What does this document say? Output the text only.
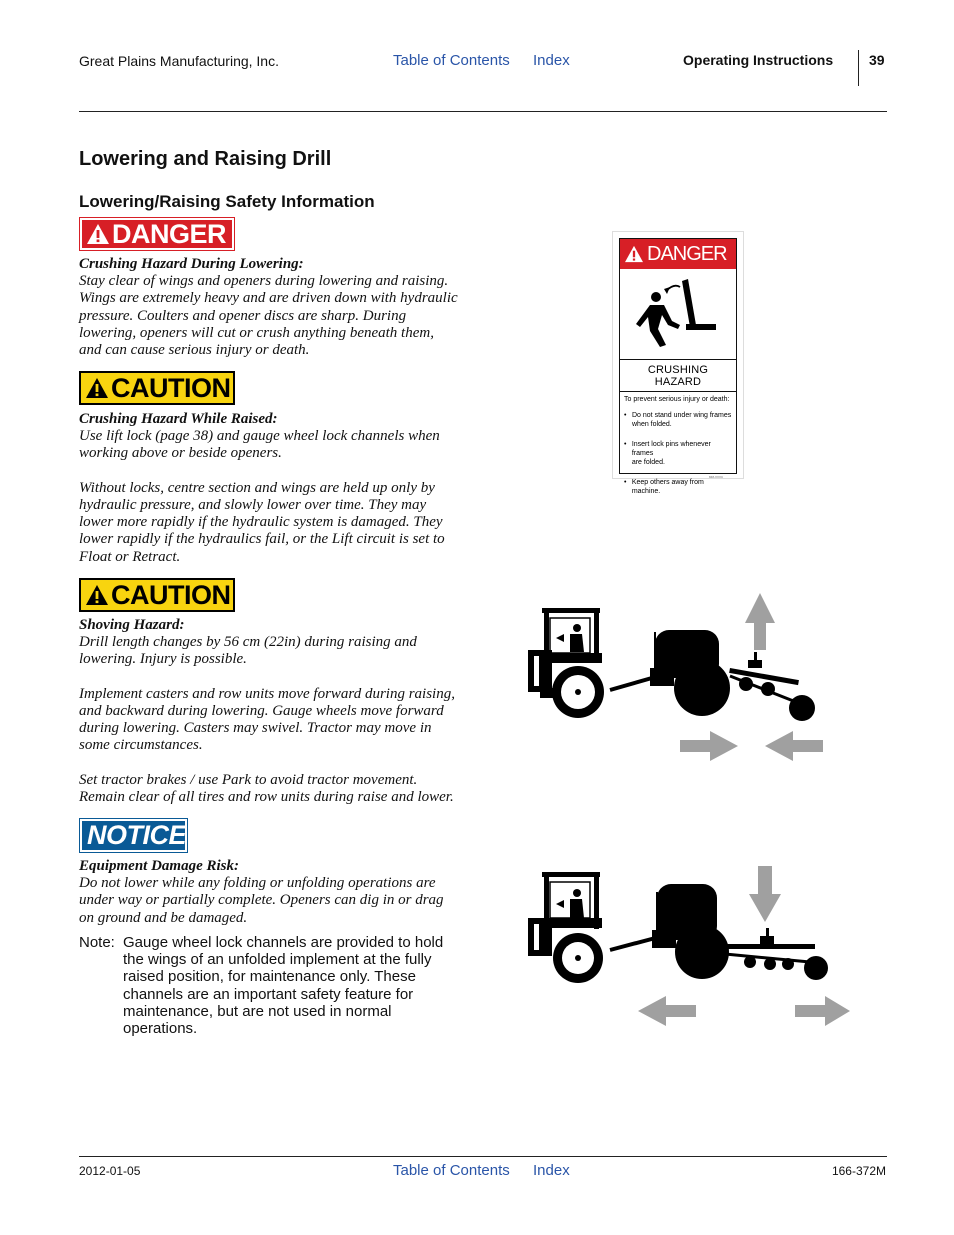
Great Plains Manufacturing, Inc.	Table of Contents Index	Operating Instructions	39
Lowering and Raising Drill
Lowering/Raising Safety Information
DANGER
Crushing Hazard During Lowering:
Stay clear of wings and openers during lowering and raising.
Wings are extremely heavy and are driven down with hydraulic
pressure. Coulters and opener discs are sharp. During
lowering, openers will cut or crush anything beneath them,
and can cause serious injury or death.
CAUTION
Crushing Hazard While Raised:
Use lift lock (page 38) and gauge wheel lock channels when
working above or beside openers.
Without locks, centre section and wings are held up only by
hydraulic pressure, and slowly lower over time. They may
lower more rapidly if the hydraulic system is damaged. They
lower rapidly if the hydraulics fail, or the Lift circuit is set to
Float or Retract.
CAUTION
Shoving Hazard:
Drill length changes by 56 cm (22in) during raising and
lowering. Injury is possible.
Implement casters and row units move forward during raising,
and backward during lowering. Gauge wheels move forward
during lowering. Casters may swivel. Tractor may move in
some circumstances.
Set tractor brakes / use Park to avoid tractor movement.
Remain clear of all tires and row units during raise and lower.
NOTICE
Equipment Damage Risk:
Do not lower while any folding or unfolding operations are
under way or partially complete. Openers can dig in or drag
on ground and be damaged.
Note: Gauge wheel lock channels are provided to hold
the wings of an unfolded implement at the fully
raised position, for maintenance only. These
channels are an important safety feature for
maintenance, but are not used in normal
operations.
DANGER
CRUSHING HAZARD
To prevent serious injury or death:
• Do not stand under wing frames
when folded.
• Insert lock pins whenever frames
are folded.
• Keep others away from machine.
848-XXXC
2012-01-05	Table of Contents Index	166-372M
